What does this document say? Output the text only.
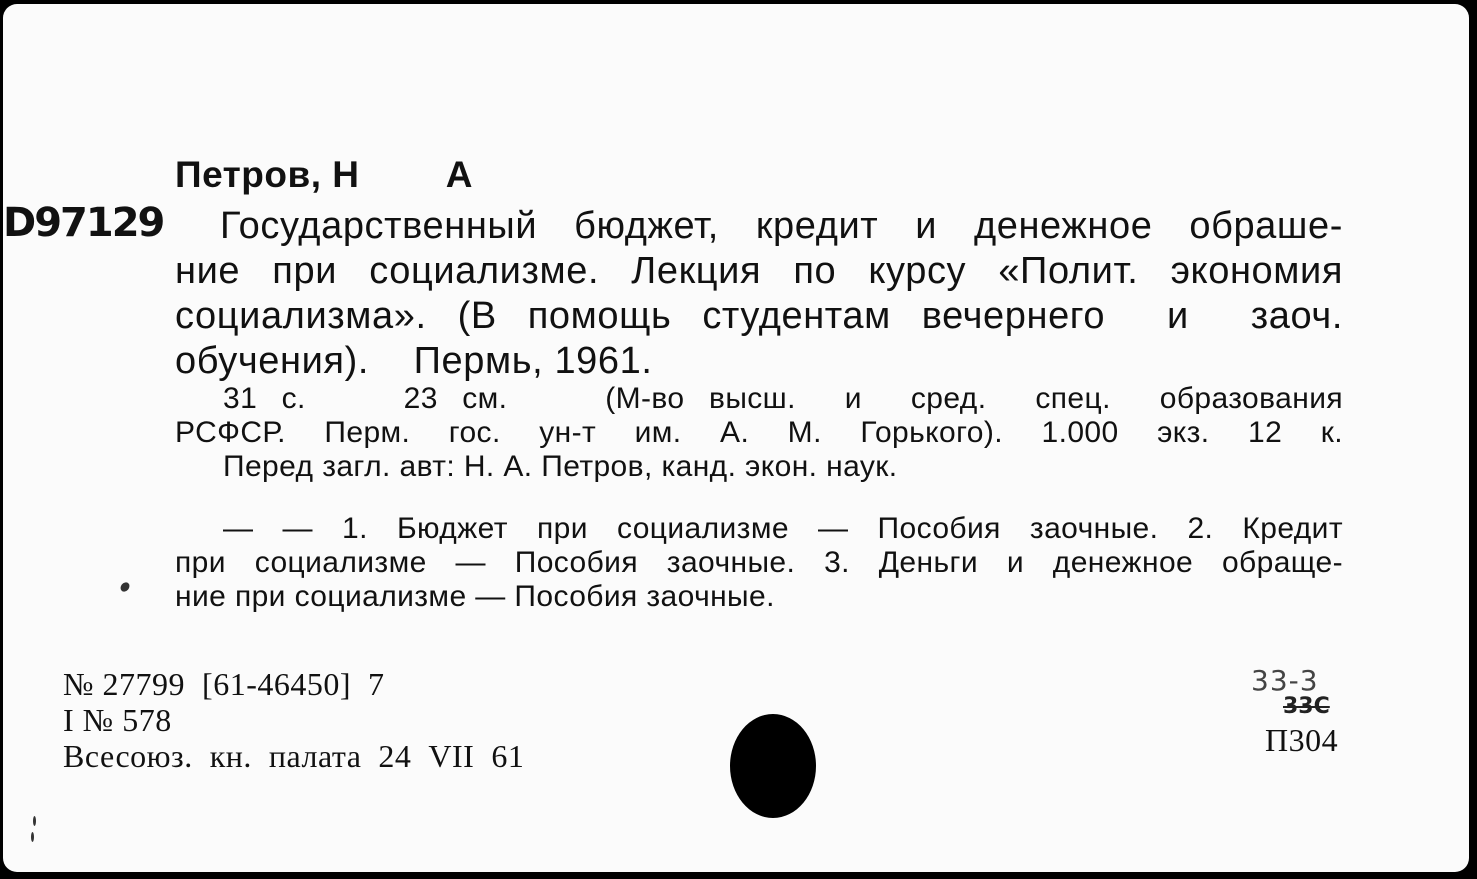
D97129
Петров, Н        А
Государственный бюджет, кредит и денежное обраше-
ние при социализме. Лекция по курсу «Полит. экономия
социализма». (В помощь студентам вечернего  и  заоч.
обучения).    Пермь, 1961.
31 с.    23 см.    (М-во высш.  и  сред.  спец.  образования
РСФСР. Перм. гос. ун-т им. А. М. Горького). 1.000 экз. 12 к.
Перед загл. авт: Н. А. Петров, канд. экон. наук.
— — 1. Бюджет при социализме — Пособия заочные. 2. Кредит
при социализме — Пособия заочные. 3. Деньги и денежное обраще-
ние при социализме — Пособия заочные.
№ 27799  [61-46450]  7
I № 578
Всесоюз.  кн.  палата  24  VII  61
33-3
33С
П304
